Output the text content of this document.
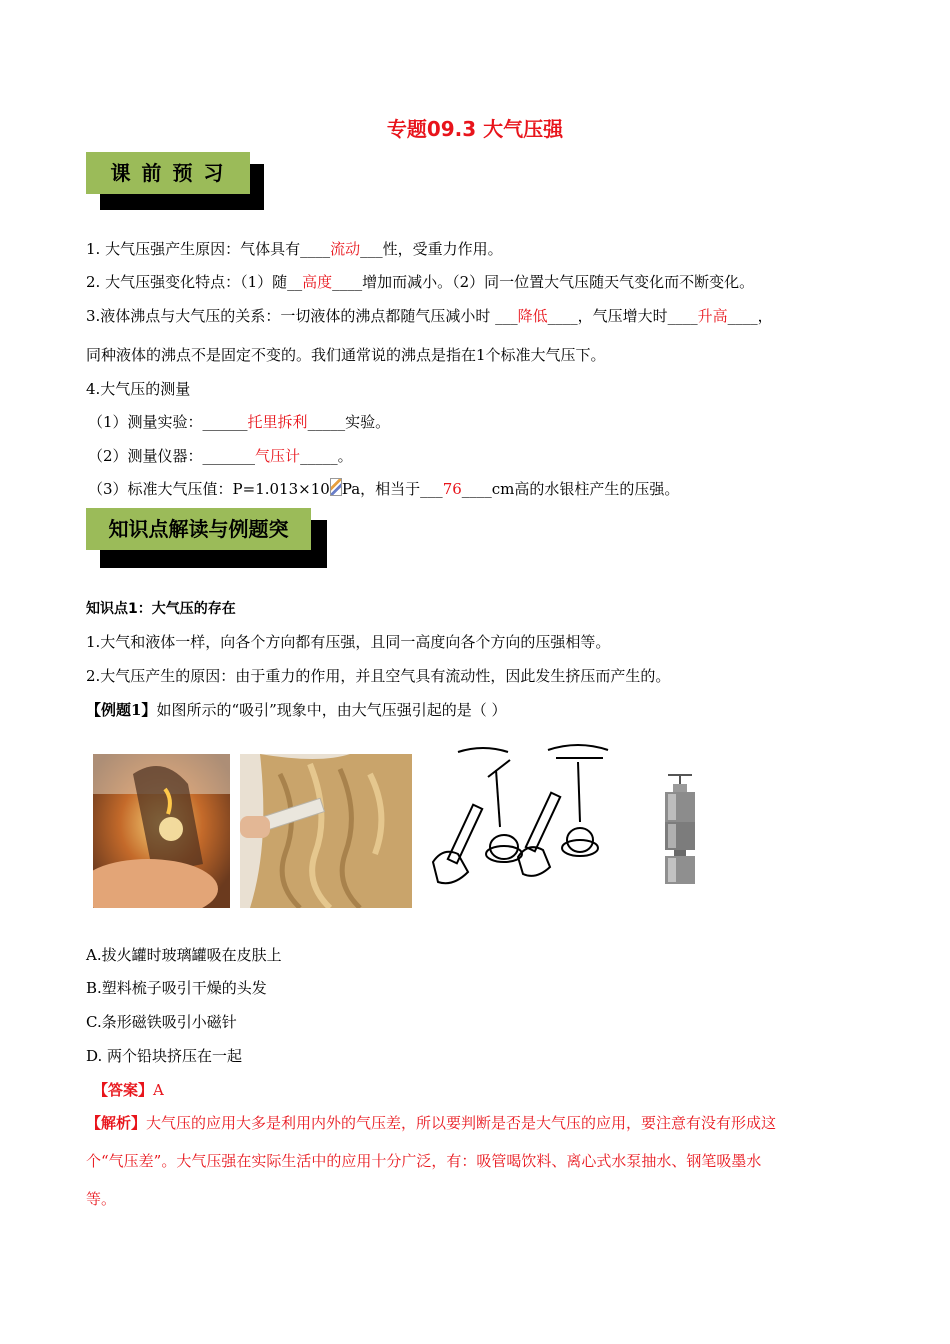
专题09.3 大气压强
课 前 预 习
1. 大气压强产生原因：气体具有____流动___性，受重力作用。
2. 大气压强变化特点：（1）随__高度____增加而减小。（2）同一位置大气压随天气变化而不断变化。
3.液体沸点与大气压的关系：一切液体的沸点都随气压减小时 ___降低____，气压增大时____升高____，
同种液体的沸点不是固定不变的。我们通常说的沸点是指在1个标准大气压下。
4.大气压的测量
（1）测量实验：______托里拆利_____实验。
（2）测量仪器：_______气压计_____。
（3）标准大气压值：P=1.013×10 Pa，相当于___76____cm高的水银柱产生的压强。
知识点解读与例题突
知识点1：大气压的存在
1.大气和液体一样，向各个方向都有压强，且同一高度向各个方向的压强相等。
2.大气压产生的原因：由于重力的作用，并且空气具有流动性，因此发生挤压而产生的。
【例题1】如图所示的“吸引”现象中，由大气压强引起的是（ ）
A.拔火罐时玻璃罐吸在皮肤上
B.塑料梳子吸引干燥的头发
C.条形磁铁吸引小磁针
D. 两个铅块挤压在一起
【答案】A
【解析】大气压的应用大多是利用内外的气压差，所以要判断是否是大气压的应用，要注意有没有形成这
个“气压差”。大气压强在实际生活中的应用十分广泛，有：吸管喝饮料、离心式水泵抽水、钢笔吸墨水
等。
